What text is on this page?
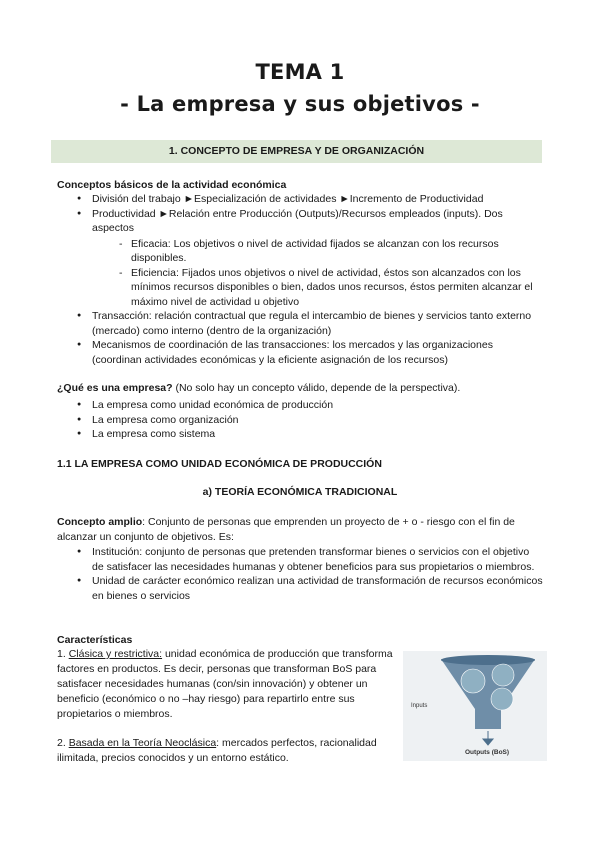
TEMA 1
- La empresa y sus objetivos -
1. CONCEPTO DE EMPRESA Y DE ORGANIZACIÓN
Conceptos básicos de la actividad económica
● División del trabajo ►Especialización de actividades ►Incremento de Productividad
● Productividad ►Relación entre Producción (Outputs)/Recursos empleados (inputs). Dos aspectos
- Eficacia: Los objetivos o nivel de actividad fijados se alcanzan con los recursos disponibles.
- Eficiencia: Fijados unos objetivos o nivel de actividad, éstos son alcanzados con los mínimos recursos disponibles o bien, dados unos recursos, éstos permiten alcanzar el máximo nivel de actividad u objetivo
● Transacción: relación contractual que regula el intercambio de bienes y servicios tanto externo (mercado) como interno (dentro de la organización)
● Mecanismos de coordinación de las transacciones: los mercados y las organizaciones (coordinan actividades económicas y la eficiente asignación de los recursos)
¿Qué es una empresa? (No solo hay un concepto válido, depende de la perspectiva).
● La empresa como unidad económica de producción
● La empresa como organización
● La empresa como sistema
1.1 LA EMPRESA COMO UNIDAD ECONÓMICA DE PRODUCCIÓN
a) TEORÍA ECONÓMICA TRADICIONAL
Concepto amplio: Conjunto de personas que emprenden un proyecto de + o - riesgo con el fin de alcanzar un conjunto de objetivos. Es:
● Institución: conjunto de personas que pretenden transformar bienes o servicios con el objetivo de satisfacer las necesidades humanas y obtener beneficios para sus propietarios o miembros.
● Unidad de carácter económico realizan una actividad de transformación de recursos económicos en bienes o servicios
Características
1. Clásica y restrictiva: unidad económica de producción que transforma factores en productos. Es decir, personas que transforman BoS para satisfacer necesidades humanas (con/sin innovación) y obtener un beneficio (económico o no –hay riesgo) para repartirlo entre sus propietarios o miembros.
2. Basada en la Teoría Neoclásica: mercados perfectos, racionalidad ilimitada, precios conocidos y un entorno estático.
Inputs
Outputs (BoS)
